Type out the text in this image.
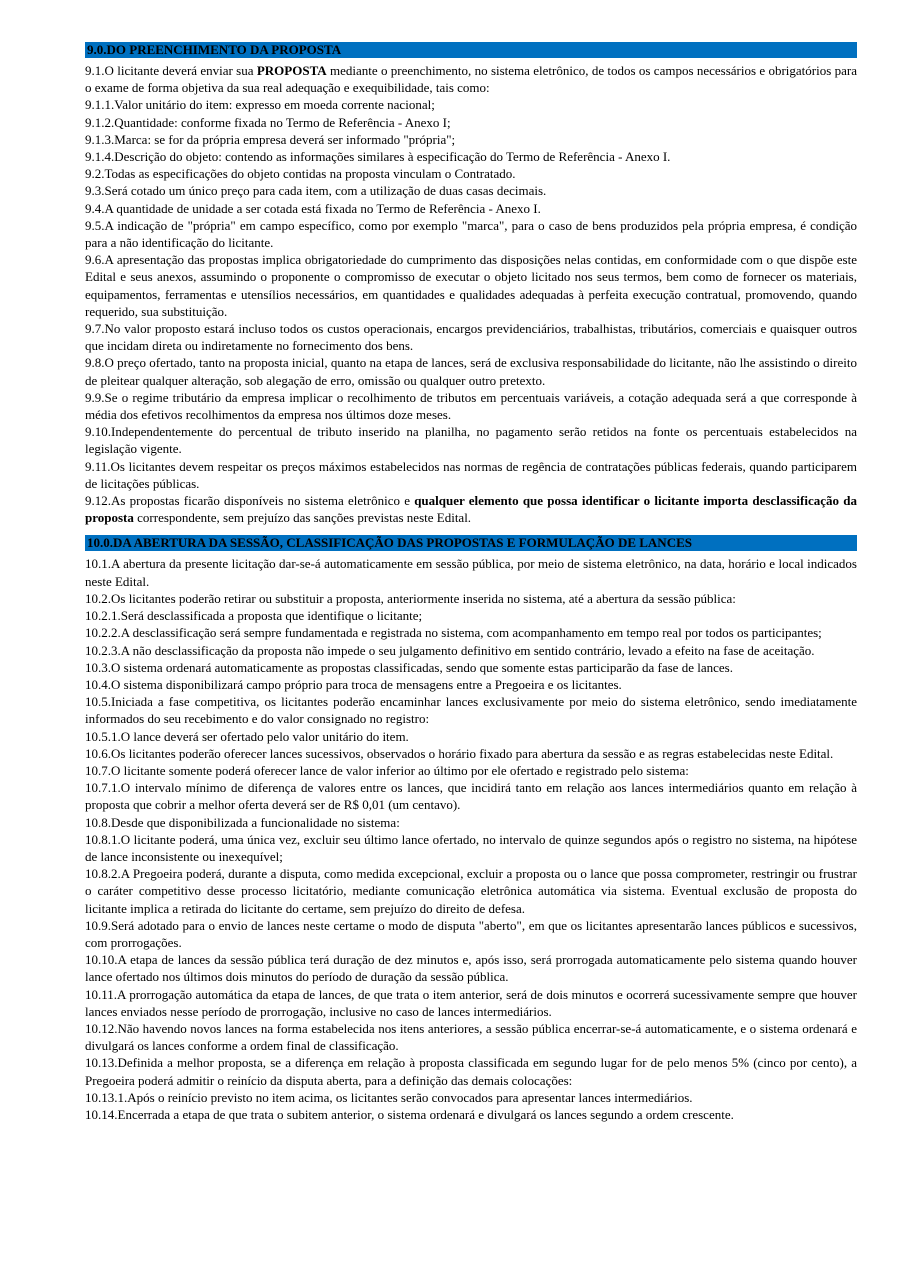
9.0.DO PREENCHIMENTO DA PROPOSTA

9.1.O licitante deverá enviar sua PROPOSTA mediante o preenchimento, no sistema eletrônico, de todos os campos necessários e obrigatórios para o exame de forma objetiva da sua real adequação e exequibilidade, tais como:

9.1.1.Valor unitário do item: expresso em moeda corrente nacional;

9.1.2.Quantidade: conforme fixada no Termo de Referência - Anexo I;

9.1.3.Marca: se for da própria empresa deverá ser informado "própria";

9.1.4.Descrição do objeto: contendo as informações similares à especificação do Termo de Referência - Anexo I.

9.2.Todas as especificações do objeto contidas na proposta vinculam o Contratado.

9.3.Será cotado um único preço para cada item, com a utilização de duas casas decimais.

9.4.A quantidade de unidade a ser cotada está fixada no Termo de Referência - Anexo I.

9.5.A indicação de "própria" em campo específico, como por exemplo "marca", para o caso de bens produzidos pela própria empresa, é condição para a não identificação do licitante.

9.6.A apresentação das propostas implica obrigatoriedade do cumprimento das disposições nelas contidas, em conformidade com o que dispõe este Edital e seus anexos, assumindo o proponente o compromisso de executar o objeto licitado nos seus termos, bem como de fornecer os materiais, equipamentos, ferramentas e utensílios necessários, em quantidades e qualidades adequadas à perfeita execução contratual, promovendo, quando requerido, sua substituição.

9.7.No valor proposto estará incluso todos os custos operacionais, encargos previdenciários, trabalhistas, tributários, comerciais e quaisquer outros que incidam direta ou indiretamente no fornecimento dos bens.

9.8.O preço ofertado, tanto na proposta inicial, quanto na etapa de lances, será de exclusiva responsabilidade do licitante, não lhe assistindo o direito de pleitear qualquer alteração, sob alegação de erro, omissão ou qualquer outro pretexto.

9.9.Se o regime tributário da empresa implicar o recolhimento de tributos em percentuais variáveis, a cotação adequada será a que corresponde à média dos efetivos recolhimentos da empresa nos últimos doze meses.

9.10.Independentemente do percentual de tributo inserido na planilha, no pagamento serão retidos na fonte os percentuais estabelecidos na legislação vigente.

9.11.Os licitantes devem respeitar os preços máximos estabelecidos nas normas de regência de contratações públicas federais, quando participarem de licitações públicas.

9.12.As propostas ficarão disponíveis no sistema eletrônico e qualquer elemento que possa identificar o licitante importa desclassificação da proposta correspondente, sem prejuízo das sanções previstas neste Edital.

10.0.DA ABERTURA DA SESSÃO, CLASSIFICAÇÃO DAS PROPOSTAS E FORMULAÇÃO DE LANCES

10.1.A abertura da presente licitação dar-se-á automaticamente em sessão pública, por meio de sistema eletrônico, na data, horário e local indicados neste Edital.

10.2.Os licitantes poderão retirar ou substituir a proposta, anteriormente inserida no sistema, até a abertura da sessão pública:

10.2.1.Será desclassificada a proposta que identifique o licitante;

10.2.2.A desclassificação será sempre fundamentada e registrada no sistema, com acompanhamento em tempo real por todos os participantes;

10.2.3.A não desclassificação da proposta não impede o seu julgamento definitivo em sentido contrário, levado a efeito na fase de aceitação.

10.3.O sistema ordenará automaticamente as propostas classificadas, sendo que somente estas participarão da fase de lances.

10.4.O sistema disponibilizará campo próprio para troca de mensagens entre a Pregoeira e os licitantes.

10.5.Iniciada a fase competitiva, os licitantes poderão encaminhar lances exclusivamente por meio do sistema eletrônico, sendo imediatamente informados do seu recebimento e do valor consignado no registro:

10.5.1.O lance deverá ser ofertado pelo valor unitário do item.

10.6.Os licitantes poderão oferecer lances sucessivos, observados o horário fixado para abertura da sessão e as regras estabelecidas neste Edital.

10.7.O licitante somente poderá oferecer lance de valor inferior ao último por ele ofertado e registrado pelo sistema:

10.7.1.O intervalo mínimo de diferença de valores entre os lances, que incidirá tanto em relação aos lances intermediários quanto em relação à proposta que cobrir a melhor oferta deverá ser de R$ 0,01 (um centavo).

10.8.Desde que disponibilizada a funcionalidade no sistema:

10.8.1.O licitante poderá, uma única vez, excluir seu último lance ofertado, no intervalo de quinze segundos após o registro no sistema, na hipótese de lance inconsistente ou inexequível;

10.8.2.A Pregoeira poderá, durante a disputa, como medida excepcional, excluir a proposta ou o lance que possa comprometer, restringir ou frustrar o caráter competitivo desse processo licitatório, mediante comunicação eletrônica automática via sistema. Eventual exclusão de proposta do licitante implica a retirada do licitante do certame, sem prejuízo do direito de defesa.

10.9.Será adotado para o envio de lances neste certame o modo de disputa "aberto", em que os licitantes apresentarão lances públicos e sucessivos, com prorrogações.

10.10.A etapa de lances da sessão pública terá duração de dez minutos e, após isso, será prorrogada automaticamente pelo sistema quando houver lance ofertado nos últimos dois minutos do período de duração da sessão pública.

10.11.A prorrogação automática da etapa de lances, de que trata o item anterior, será de dois minutos e ocorrerá sucessivamente sempre que houver lances enviados nesse período de prorrogação, inclusive no caso de lances intermediários.

10.12.Não havendo novos lances na forma estabelecida nos itens anteriores, a sessão pública encerrar-se-á automaticamente, e o sistema ordenará e divulgará os lances conforme a ordem final de classificação.

10.13.Definida a melhor proposta, se a diferença em relação à proposta classificada em segundo lugar for de pelo menos 5% (cinco por cento), a Pregoeira poderá admitir o reinício da disputa aberta, para a definição das demais colocações:

10.13.1.Após o reinício previsto no item acima, os licitantes serão convocados para apresentar lances intermediários.

10.14.Encerrada a etapa de que trata o subitem anterior, o sistema ordenará e divulgará os lances segundo a ordem crescente.
